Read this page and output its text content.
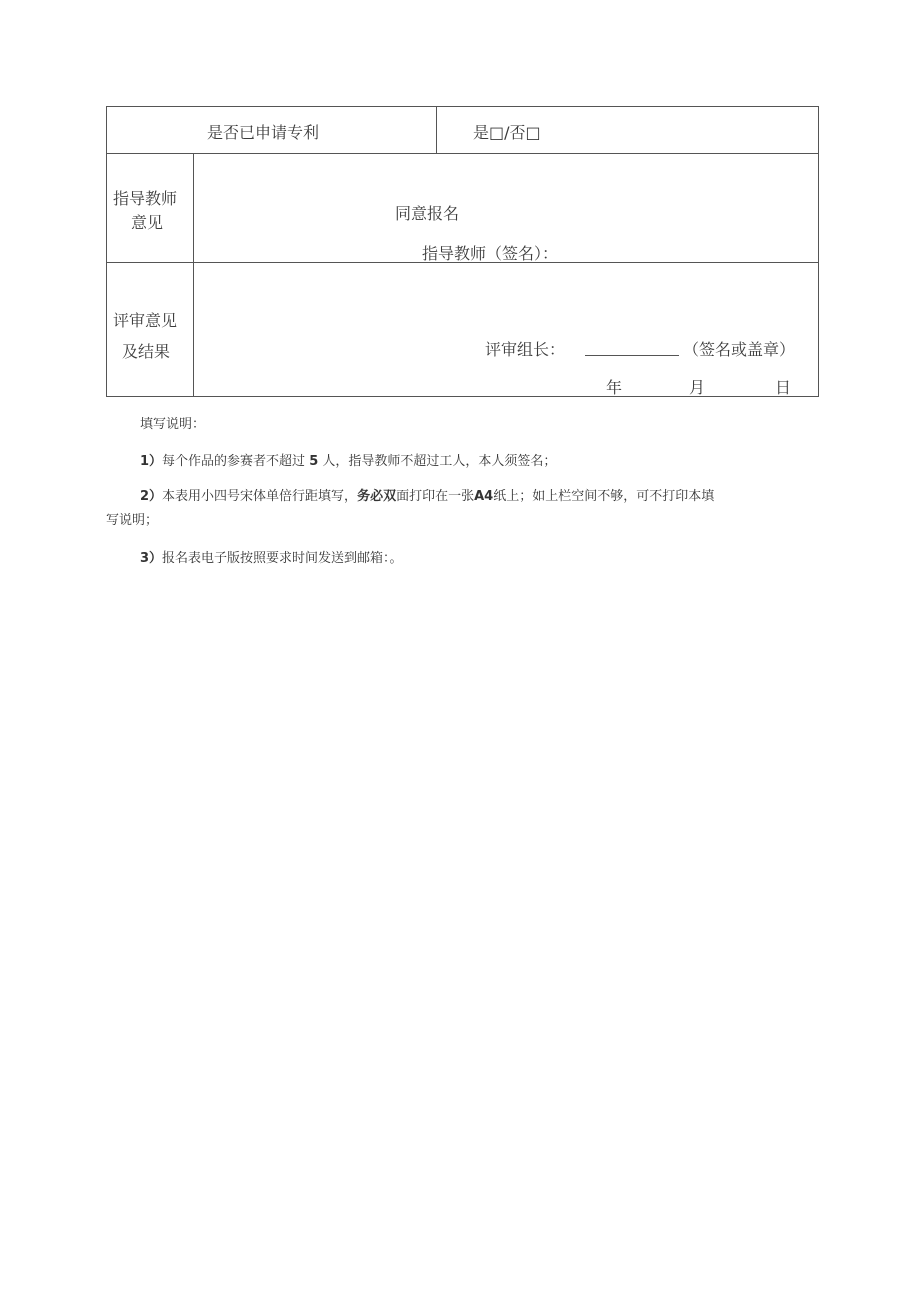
是否已申请专利	是□/否□
指导教师
意见	同意报名
指导教师（签名）：
评审意见
及结果	评审组长：	（签名或盖章）
年	月	日
填写说明：
1）每个作品的参赛者不超过 5 人，指导教师不超过工人，本人须签名；
2）本表用小四号宋体单倍行距填写，务必双面打印在一张A4纸上；如上栏空间不够，可不打印本填
写说明；
3）报名表电子版按照要求时间发送到邮箱：。
